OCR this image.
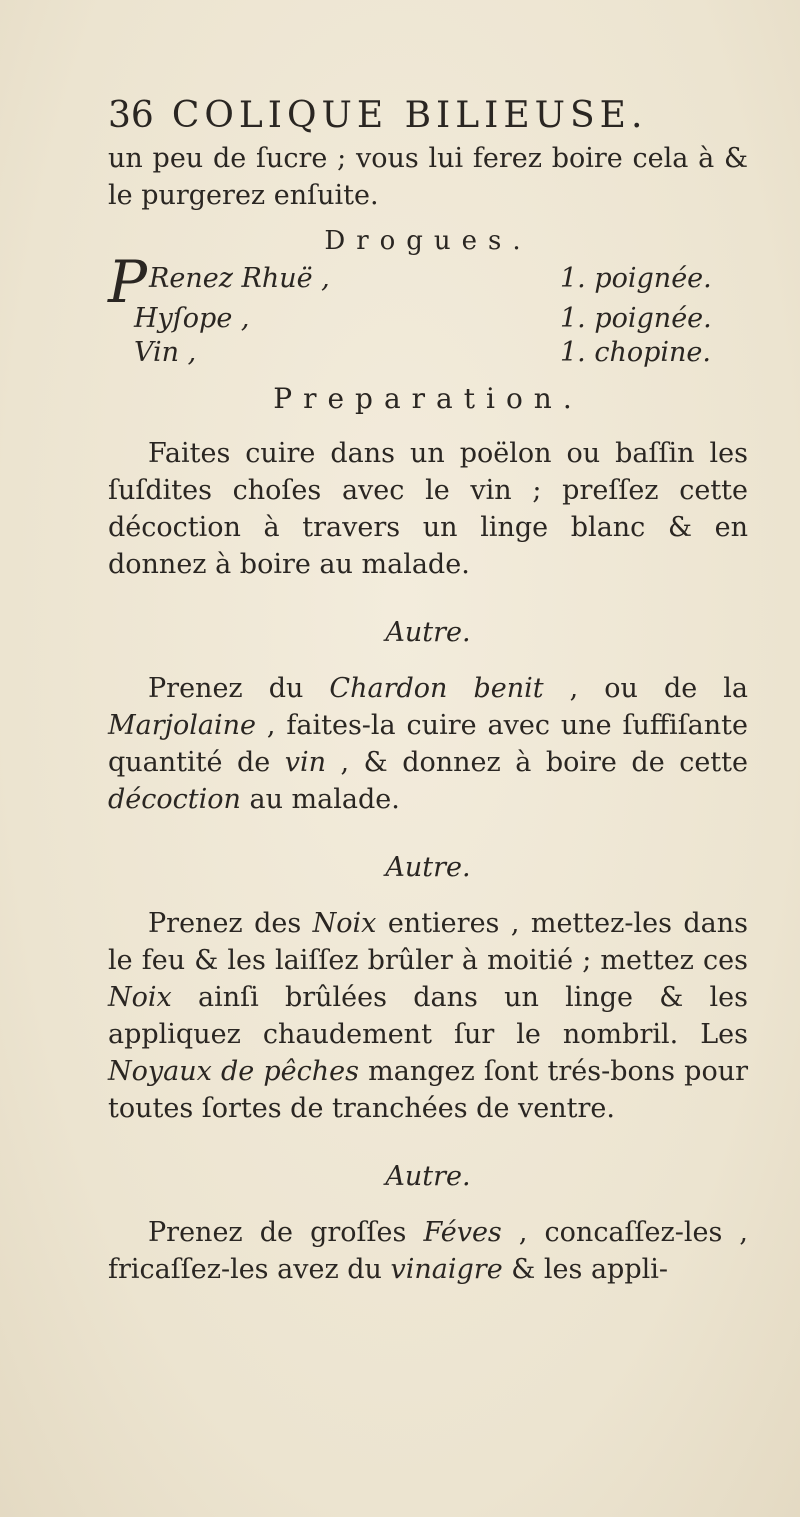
36 COLIQUE BILIEUSE.

un peu de ſucre ; vous lui ferez boire cela à & le purgerez enſuite.

Drogues.
P Renez Rhuë ,	1. poignée.
Hyſope ,	1. poignée.
Vin ,	1. chopine.
Preparation.

Faites cuire dans un poëlon ou baſſin les ſuſdites choſes avec le vin ; preſſez cette décoction à travers un linge blanc & en donnez à boire au malade.

Autre.

Prenez du Chardon benit , ou de la Marjolaine , faites-la cuire avec une ſuffiſante quantité de vin , & donnez à boire de cette décoction au malade.

Autre.

Prenez des Noix entieres , mettez-les dans le feu & les laiſſez brûler à moitié ; mettez ces Noix ainſi brûlées dans un linge & les appliquez chaudement ſur le nombril. Les Noyaux de pêches mangez ſont trés-bons pour toutes ſortes de tranchées de ventre.

Autre.

Prenez de groſſes Féves , concaſſez-les , fricaſſez-les avez du vinaigre & les appli-
